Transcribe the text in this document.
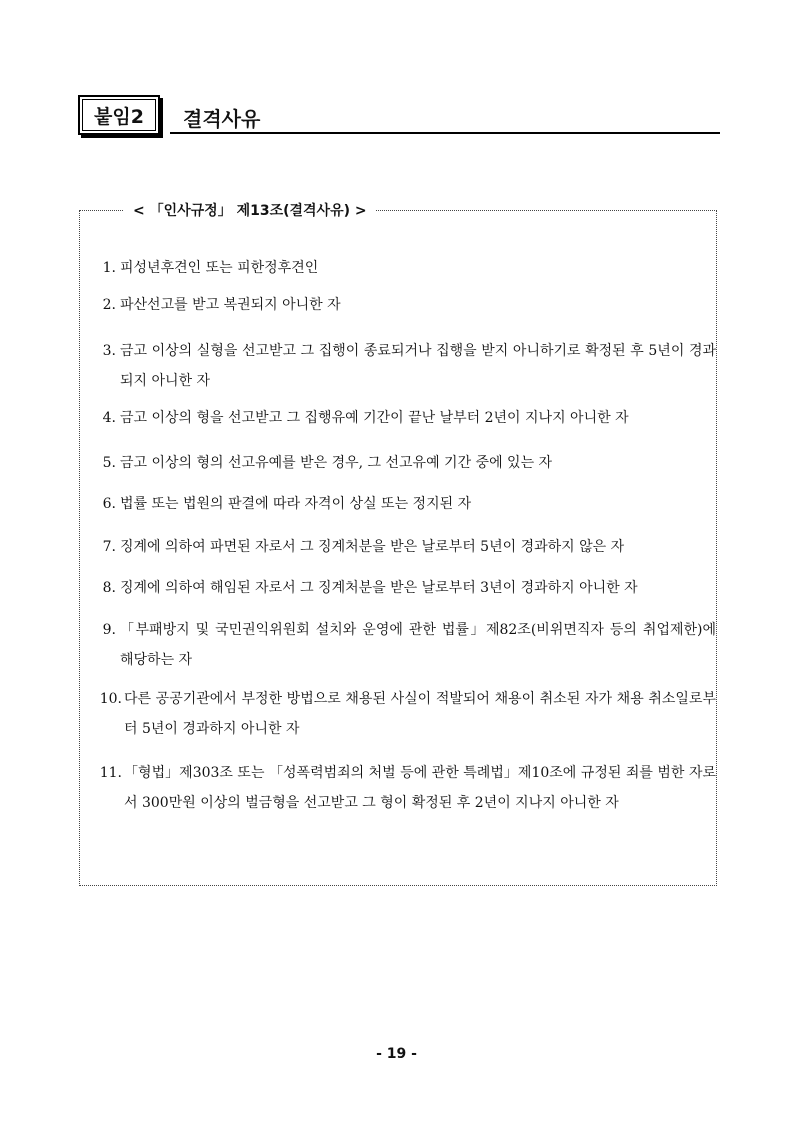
붙임2	결격사유
< 「인사규정」 제13조(결격사유) >
1. 피성년후견인 또는 피한정후견인
2. 파산선고를 받고 복권되지 아니한 자
3. 금고 이상의 실형을 선고받고 그 집행이 종료되거나 집행을 받지 아니하기로 확정된 후 5년이 경과되지 아니한 자
4. 금고 이상의 형을 선고받고 그 집행유예 기간이 끝난 날부터 2년이 지나지 아니한 자
5. 금고 이상의 형의 선고유예를 받은 경우, 그 선고유예 기간 중에 있는 자
6. 법률 또는 법원의 판결에 따라 자격이 상실 또는 정지된 자
7. 징계에 의하여 파면된 자로서 그 징계처분을 받은 날로부터 5년이 경과하지 않은 자
8. 징계에 의하여 해임된 자로서 그 징계처분을 받은 날로부터 3년이 경과하지 아니한 자
9. 「부패방지 및 국민권익위원회 설치와 운영에 관한 법률」제82조(비위면직자 등의 취업제한)에 해당하는 자
10. 다른 공공기관에서 부정한 방법으로 채용된 사실이 적발되어 채용이 취소된 자가 채용 취소일로부터 5년이 경과하지 아니한 자
11. 「형법」제303조 또는 「성폭력범죄의 처벌 등에 관한 특례법」제10조에 규정된 죄를 범한 자로서 300만원 이상의 벌금형을 선고받고 그 형이 확정된 후 2년이 지나지 아니한 자
- 19 -
